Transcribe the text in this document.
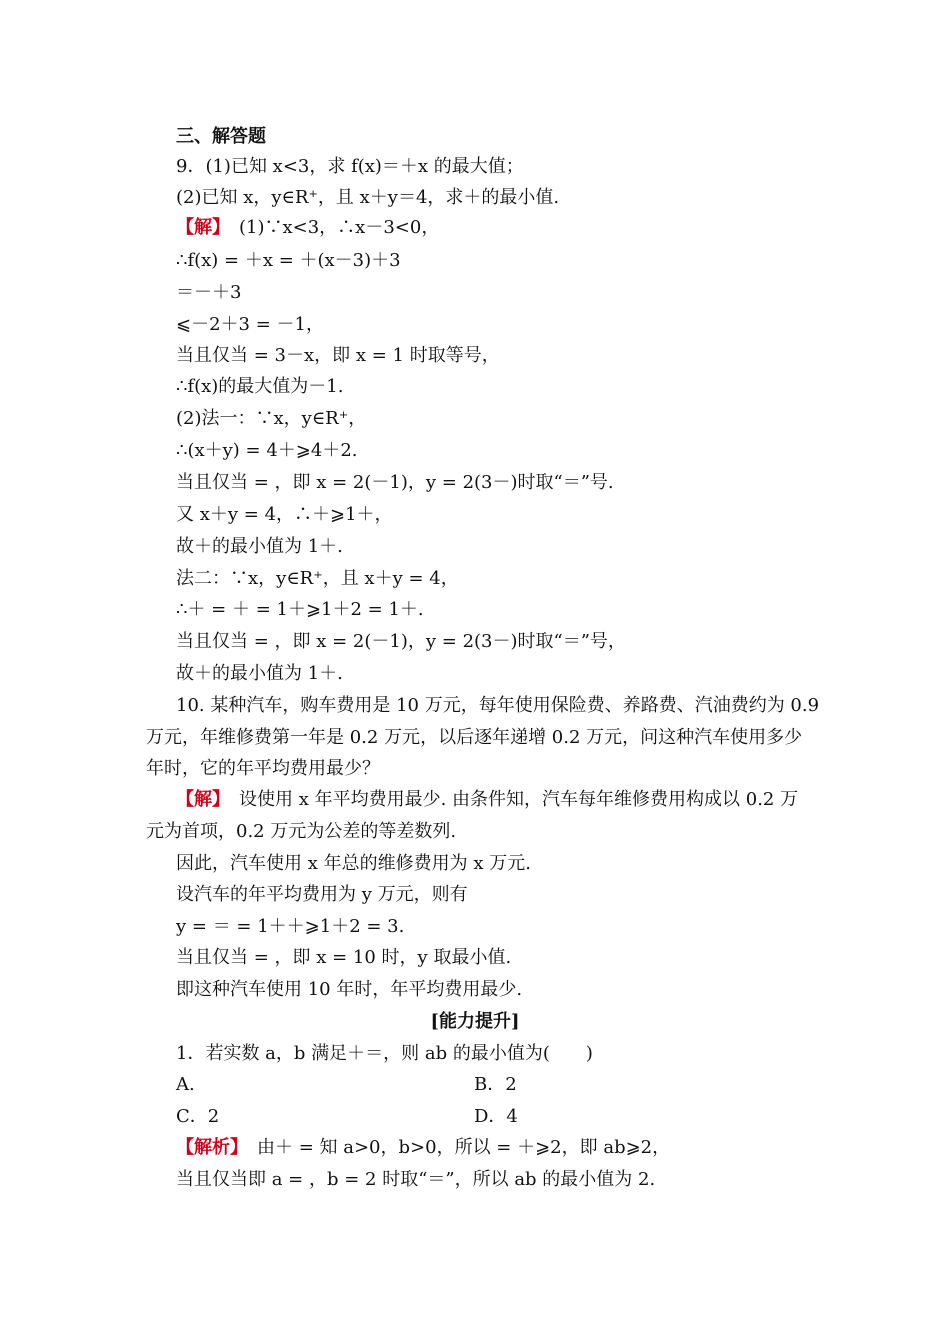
三、解答题
9．(1)已知 x<3，求 f(x)＝＋x 的最大值；
(2)已知 x，y∈R⁺，且 x＋y＝4，求＋的最小值.
【解】　(1)∵x<3，∴x－3<0，
∴f(x) = ＋x = ＋(x－3)＋3
＝－＋3
⩽－2＋3 = －1，
当且仅当 = 3－x，即 x = 1 时取等号，
∴f(x)的最大值为－1.
(2)法一：∵x，y∈R⁺，
∴(x＋y) = 4＋⩾4＋2.
当且仅当 = ，即 x = 2(－1)，y = 2(3－)时取“＝”号.
又 x＋y = 4，∴＋⩾1＋，
故＋的最小值为 1＋.
法二：∵x，y∈R⁺，且 x＋y = 4，
∴＋ = ＋ = 1＋⩾1＋2 = 1＋.
当且仅当 = ，即 x = 2(－1)，y = 2(3－)时取“＝”号，
故＋的最小值为 1＋.
10. 某种汽车，购车费用是 10 万元，每年使用保险费、养路费、汽油费约为 0.9
万元，年维修费第一年是 0.2 万元，以后逐年递增 0.2 万元，问这种汽车使用多少
年时，它的年平均费用最少？
【解】　设使用 x 年平均费用最少. 由条件知，汽车每年维修费用构成以 0.2 万
元为首项，0.2 万元为公差的等差数列.
因此，汽车使用 x 年总的维修费用为 x 万元.
设汽车的年平均费用为 y 万元，则有
y = ＝ = 1＋＋⩾1＋2 = 3.
当且仅当 = ，即 x = 10 时，y 取最小值.
即这种汽车使用 10 年时，年平均费用最少.
[能力提升]
1．若实数 a，b 满足＋＝，则 ab 的最小值为(　　)
A.	B．2
C．2	D．4
【解析】　由＋ = 知 a>0，b>0，所以 = ＋⩾2，即 ab⩾2，
当且仅当即 a = ，b = 2 时取“＝”，所以 ab 的最小值为 2.
